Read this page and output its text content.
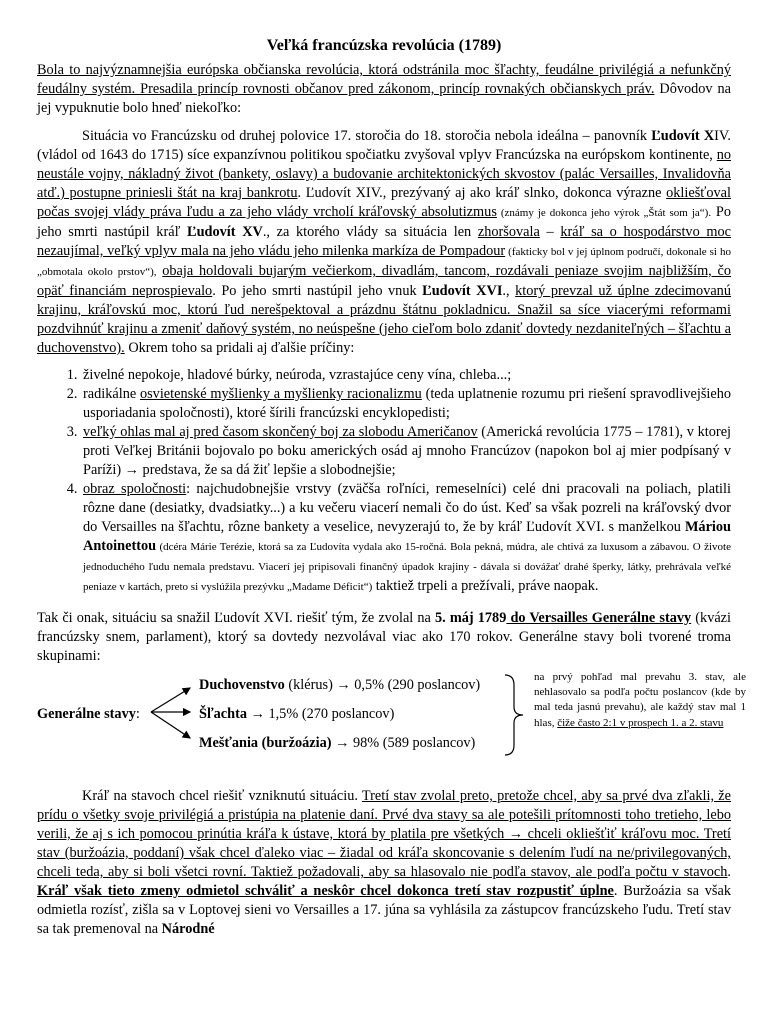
Veľká francúzska revolúcia (1789)

Bola to najvýznamnejšia európska občianska revolúcia, ktorá odstránila moc šľachty, feudálne privilégiá a nefunkčný feudálny systém. Presadila princíp rovnosti občanov pred zákonom, princíp rovnakých občianskych práv. Dôvodov na jej vypuknutie bolo hneď niekoľko:

Situácia vo Francúzsku od druhej polovice 17. storočia do 18. storočia nebola ideálna – panovník Ľudovít XIV. (vládol od 1643 do 1715) síce expanzívnou politikou spočiatku zvyšoval vplyv Francúzska na európskom kontinente, no neustále vojny, nákladný život (bankety, oslavy) a budovanie architektonických skvostov (palác Versailles, Invalidovňa atď.) postupne priniesli štát na kraj bankrotu. Ľudovít XIV., prezývaný aj ako kráľ slnko, dokonca výrazne okliešťoval počas svojej vlády práva ľudu a za jeho vlády vrcholí kráľovský absolutizmus (známy je dokonca jeho výrok „Štát som ja“). Po jeho smrti nastúpil kráľ Ľudovít XV., za ktorého vlády sa situácia len zhoršovala – kráľ sa o hospodárstvo moc nezaujímal, veľký vplyv mala na jeho vládu jeho milenka markíza de Pompadour (fakticky bol v jej úplnom područí, dokonale si ho „obmotala okolo prstov“), obaja holdovali bujarým večierkom, divadlám, tancom, rozdávali peniaze svojim najbližším, čo opäť financiám neprospievalo. Po jeho smrti nastúpil jeho vnuk Ľudovít XVI., ktorý prevzal už úplne zdecimovanú krajinu, kráľovskú moc, ktorú ľud nerešpektoval a prázdnu štátnu pokladnicu. Snažil sa síce viacerými reformami pozdvihnúť krajinu a zmeniť daňový systém, no neúspešne (jeho cieľom bolo zdaniť dovtedy nezdaniteľných – šľachtu a duchovenstvo). Okrem toho sa pridali aj ďalšie príčiny:

1. živelné nepokoje, hladové búrky, neúroda, vzrastajúce ceny vína, chleba...;
2. radikálne osvietenské myšlienky a myšlienky racionalizmu (teda uplatnenie rozumu pri riešení spravodlivejšieho usporiadania spoločnosti), ktoré šírili francúzski encyklopedisti;
3. veľký ohlas mal aj pred časom skončený boj za slobodu Američanov (Americká revolúcia 1775 – 1781), v ktorej proti Veľkej Británii bojovalo po boku amerických osád aj mnoho Francúzov (napokon bol aj mier podpísaný v Paríži) → predstava, že sa dá žiť lepšie a slobodnejšie;
4. obraz spoločnosti: najchudobnejšie vrstvy (zväčša roľníci, remeselníci) celé dni pracovali na poliach, platili rôzne dane (desiatky, dvadsiatky...) a ku večeru viacerí nemali čo do úst. Keď sa však pozreli na kráľovský dvor do Versailles na šľachtu, rôzne bankety a veselice, nevyzerajú to, že by kráľ Ľudovít XVI. s manželkou Máriou Antoinettou (dcéra Márie Terézie, ktorá sa za Ľudovíta vydala ako 15-ročná. Bola pekná, múdra, ale chtivá za luxusom a zábavou. O živote jednoduchého ľudu nemala predstavu. Viacerí jej pripisovali finančný úpadok krajiny - dávala si dovážať drahé šperky, látky, prehrávala veľké peniaze v kartách, preto si vyslúžila prezývku „Madame Déficit“) taktiež trpeli a prežívali, práve naopak.

Tak či onak, situáciu sa snažil Ľudovít XVI. riešiť tým, že zvolal na 5. máj 1789 do Versailles Generálne stavy (kvázi francúzsky snem, parlament), ktorý sa dovtedy nezvolával viac ako 170 rokov. Generálne stavy boli tvorené troma skupinami:

Generálne stavy:
Duchovenstvo (klérus) → 0,5% (290 poslancov)
Šľachta → 1,5% (270 poslancov)
Mešťania (buržoázia) → 98% (589 poslancov)
na prvý pohľad mal prevahu 3. stav, ale nehlasovalo sa podľa počtu poslancov (kde by mal teda jasnú prevahu), ale každý stav mal 1 hlas, čiže často 2:1 v prospech 1. a 2. stavu

Kráľ na stavoch chcel riešiť vzniknutú situáciu. Tretí stav zvolal preto, pretože chcel, aby sa prvé dva zľakli, že prídu o všetky svoje privilégiá a pristúpia na platenie daní. Prvé dva stavy sa ale potešili prítomnosti toho tretieho, lebo verili, že aj s ich pomocou prinútia kráľa k ústave, ktorá by platila pre všetkých → chceli okliešťiť kráľovu moc. Tretí stav (buržoázia, poddaní) však chcel ďaleko viac – žiadal od kráľa skoncovanie s delením ľudí na ne/privilegovaných, chceli teda, aby si boli všetci rovní. Taktiež požadovali, aby sa hlasovalo nie podľa stavov, ale podľa počtu v stavoch. Kráľ však tieto zmeny odmietol schváliť a neskôr chcel dokonca tretí stav rozpustiť úplne. Buržoázia sa však odmietla rozísť, zišla sa v Loptovej sieni vo Versailles a 17. júna sa vyhlásila za zástupcov francúzskeho ľudu. Tretí stav sa tak premenoval na Národné
